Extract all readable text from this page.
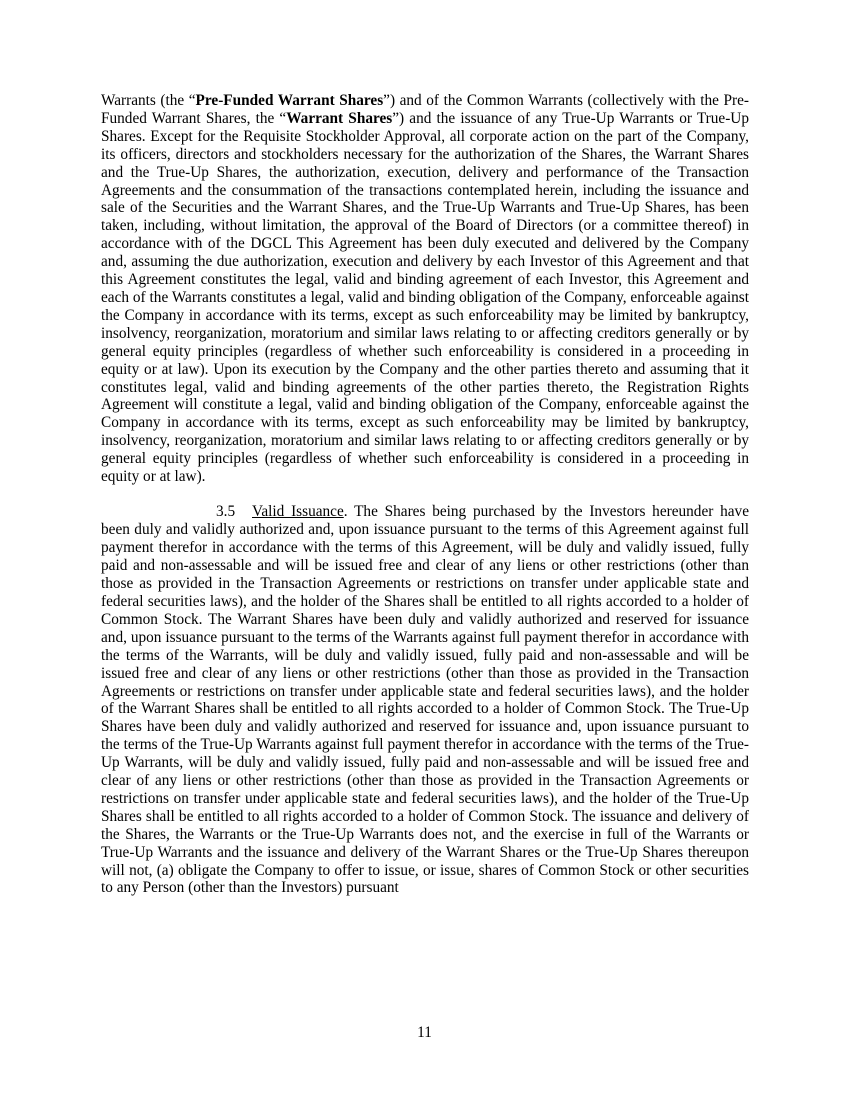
Warrants (the “Pre-Funded Warrant Shares”) and of the Common Warrants (collectively with the Pre-Funded Warrant Shares, the “Warrant Shares”) and the issuance of any True-Up Warrants or True-Up Shares. Except for the Requisite Stockholder Approval, all corporate action on the part of the Company, its officers, directors and stockholders necessary for the authorization of the Shares, the Warrant Shares and the True-Up Shares, the authorization, execution, delivery and performance of the Transaction Agreements and the consummation of the transactions contemplated herein, including the issuance and sale of the Securities and the Warrant Shares, and the True-Up Warrants and True-Up Shares, has been taken, including, without limitation, the approval of the Board of Directors (or a committee thereof) in accordance with of the DGCL This Agreement has been duly executed and delivered by the Company and, assuming the due authorization, execution and delivery by each Investor of this Agreement and that this Agreement constitutes the legal, valid and binding agreement of each Investor, this Agreement and each of the Warrants constitutes a legal, valid and binding obligation of the Company, enforceable against the Company in accordance with its terms, except as such enforceability may be limited by bankruptcy, insolvency, reorganization, moratorium and similar laws relating to or affecting creditors generally or by general equity principles (regardless of whether such enforceability is considered in a proceeding in equity or at law). Upon its execution by the Company and the other parties thereto and assuming that it constitutes legal, valid and binding agreements of the other parties thereto, the Registration Rights Agreement will constitute a legal, valid and binding obligation of the Company, enforceable against the Company in accordance with its terms, except as such enforceability may be limited by bankruptcy, insolvency, reorganization, moratorium and similar laws relating to or affecting creditors generally or by general equity principles (regardless of whether such enforceability is considered in a proceeding in equity or at law).

3.5 Valid Issuance. The Shares being purchased by the Investors hereunder have been duly and validly authorized and, upon issuance pursuant to the terms of this Agreement against full payment therefor in accordance with the terms of this Agreement, will be duly and validly issued, fully paid and non-assessable and will be issued free and clear of any liens or other restrictions (other than those as provided in the Transaction Agreements or restrictions on transfer under applicable state and federal securities laws), and the holder of the Shares shall be entitled to all rights accorded to a holder of Common Stock. The Warrant Shares have been duly and validly authorized and reserved for issuance and, upon issuance pursuant to the terms of the Warrants against full payment therefor in accordance with the terms of the Warrants, will be duly and validly issued, fully paid and non-assessable and will be issued free and clear of any liens or other restrictions (other than those as provided in the Transaction Agreements or restrictions on transfer under applicable state and federal securities laws), and the holder of the Warrant Shares shall be entitled to all rights accorded to a holder of Common Stock. The True-Up Shares have been duly and validly authorized and reserved for issuance and, upon issuance pursuant to the terms of the True-Up Warrants against full payment therefor in accordance with the terms of the True-Up Warrants, will be duly and validly issued, fully paid and non-assessable and will be issued free and clear of any liens or other restrictions (other than those as provided in the Transaction Agreements or restrictions on transfer under applicable state and federal securities laws), and the holder of the True-Up Shares shall be entitled to all rights accorded to a holder of Common Stock. The issuance and delivery of the Shares, the Warrants or the True-Up Warrants does not, and the exercise in full of the Warrants or True-Up Warrants and the issuance and delivery of the Warrant Shares or the True-Up Shares thereupon will not, (a) obligate the Company to offer to issue, or issue, shares of Common Stock or other securities to any Person (other than the Investors) pursuant

11
